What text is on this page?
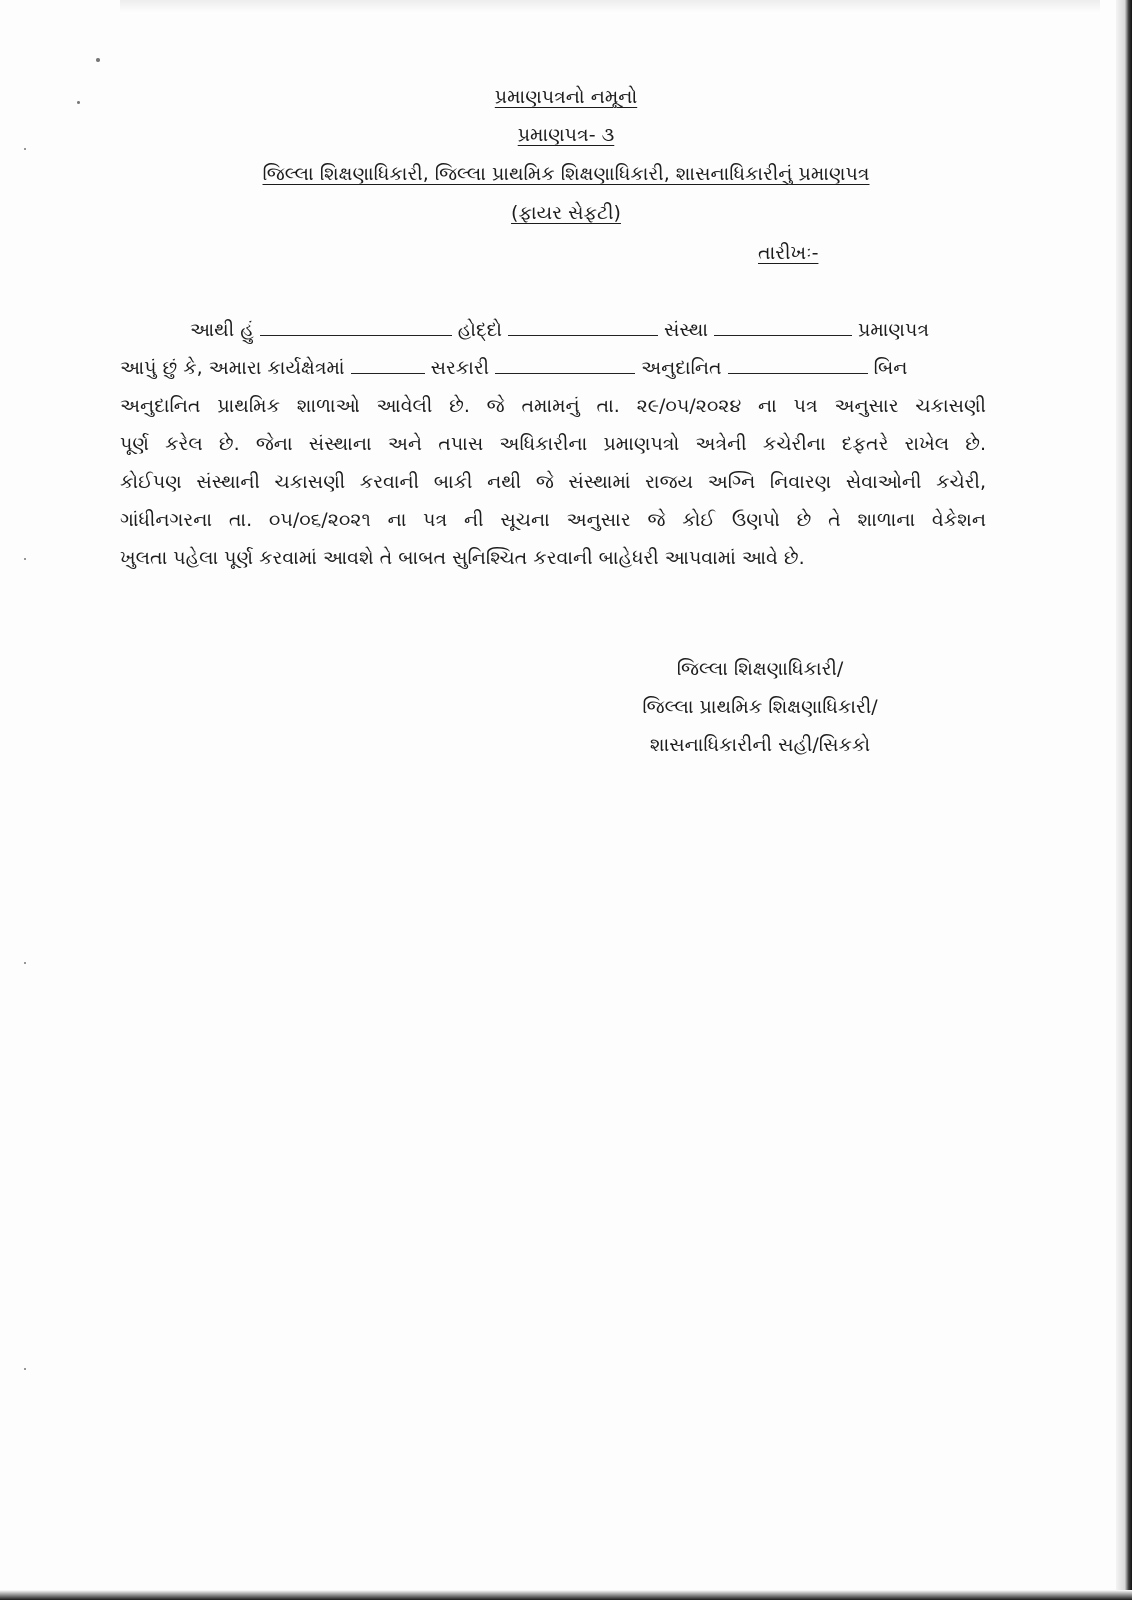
પ્રમાણપત્રનો નમૂનો
પ્રમાણપત્ર- ૩
જિલ્લા શિક્ષણાધિકારી, જિલ્લા પ્રાથમિક શિક્ષણાધિકારી, શાસનાધિકારીનું પ્રમાણપત્ર
(ફાયર સેફટી)
તારીખઃ-
આથી હું	હોદ્દો	સંસ્થા	પ્રમાણપત્ર
આપું છું કે, અમારા કાર્યક્ષેત્રમાં	સરકારી	અનુદાનિત	બિન
અનુદાનિત પ્રાથમિક શાળાઓ આવેલી છે. જે તમામનું તા. ૨૯/૦૫/૨૦૨૪ ના પત્ર અનુસાર ચકાસણી
પૂર્ણ કરેલ છે. જેના સંસ્થાના અને તપાસ અધિકારીના પ્રમાણપત્રો અત્રેની કચેરીના દફતરે રાખેલ છે.
કોઈપણ સંસ્થાની ચકાસણી કરવાની બાકી નથી જે સંસ્થામાં રાજય અગ્નિ નિવારણ સેવાઓની કચેરી,
ગાંધીનગરના તા. ૦૫/૦૬/૨૦૨૧ ના પત્ર ની સૂચના અનુસાર જે કોઈ ઉણપો છે તે શાળાના વેકેશન
ખુલતા પહેલા પૂર્ણ કરવામાં આવશે તે બાબત સુનિશ્ચિત કરવાની બાહેધરી આપવામાં આવે છે.
જિલ્લા શિક્ષણાધિકારી/
જિલ્લા પ્રાથમિક શિક્ષણાધિકારી/
શાસનાધિકારીની સહી/સિકકો
